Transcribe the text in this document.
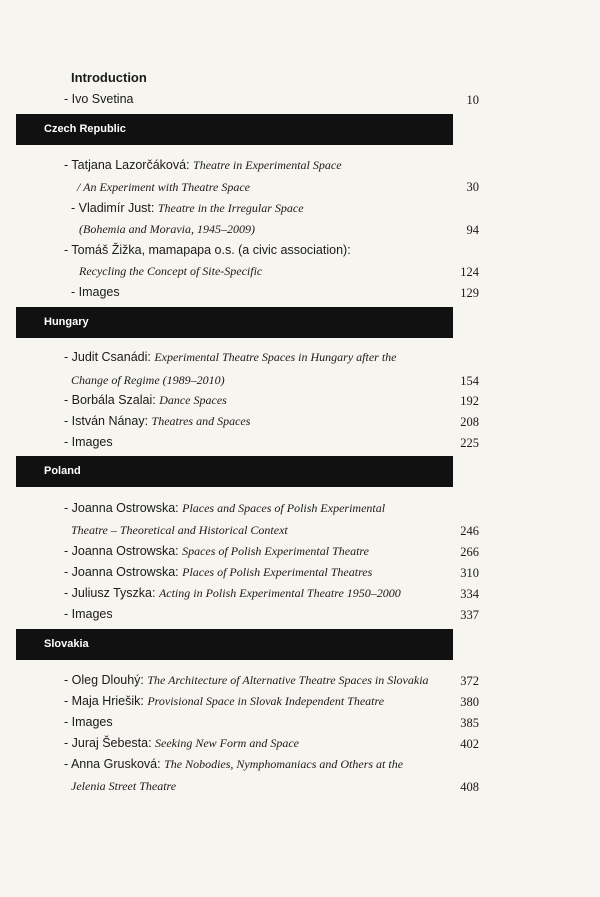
Introduction
- Ivo Svetina	10
Czech Republic
- Tatjana Lazorčáková: Theatre in Experimental Space
/ An Experiment with Theatre Space	30
- Vladimír Just: Theatre in the Irregular Space
(Bohemia and Moravia, 1945–2009)	94
- Tomáš Žižka, mamapapa o.s. (a civic association):
Recycling the Concept of Site-Specific	124
- Images	129
Hungary
- Judit Csanádi: Experimental Theatre Spaces in Hungary after the
Change of Regime (1989–2010)	154
- Borbála Szalai: Dance Spaces	192
- István Nánay: Theatres and Spaces	208
- Images	225
Poland
- Joanna Ostrowska: Places and Spaces of Polish Experimental
Theatre – Theoretical and Historical Context	246
- Joanna Ostrowska: Spaces of Polish Experimental Theatre	266
- Joanna Ostrowska: Places of Polish Experimental Theatres	310
- Juliusz Tyszka: Acting in Polish Experimental Theatre 1950–2000	334
- Images	337
Slovakia
- Oleg Dlouhý: The Architecture of Alternative Theatre Spaces in Slovakia	372
- Maja Hriešik: Provisional Space in Slovak Independent Theatre	380
- Images	385
- Juraj Šebesta: Seeking New Form and Space	402
- Anna Grusková: The Nobodies, Nymphomaniacs and Others at the
Jelenia Street Theatre	408
